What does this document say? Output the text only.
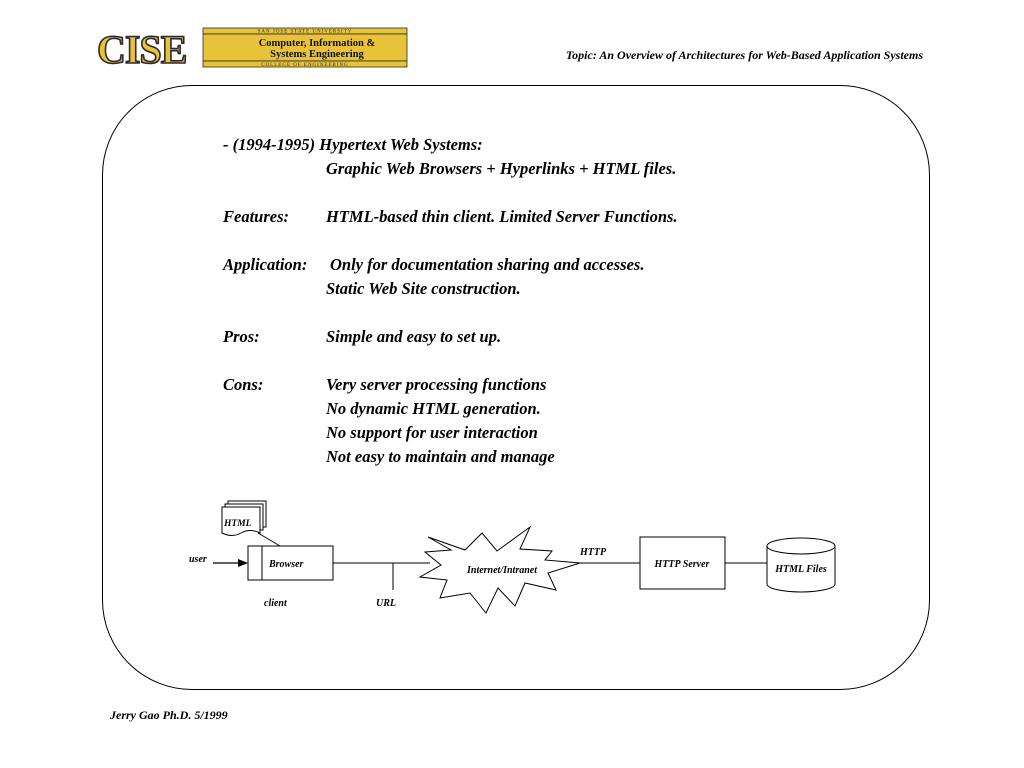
CISE	SAN JOSE STATE UNIVERSITY
Computer, Information &
Systems Engineering
COLLEGE OF ENGINEERING
Topic: An Overview of Architectures for Web-Based Application Systems
- (1994-1995) Hypertext Web Systems:
Graphic Web Browsers + Hyperlinks + HTML files.
Features: HTML-based thin client. Limited Server Functions.
Application: Only for documentation sharing and accesses.
Static Web Site construction.
Pros:	Simple and easy to set up.
Cons:	Very server processing functions
No dynamic HTML generation.
No support for user interaction
Not easy to maintain and manage
HTML
user	Browser
client	URL
Internet/Intranet
HTTP
HTTP Server	HTML Files
Jerry Gao Ph.D. 5/1999
